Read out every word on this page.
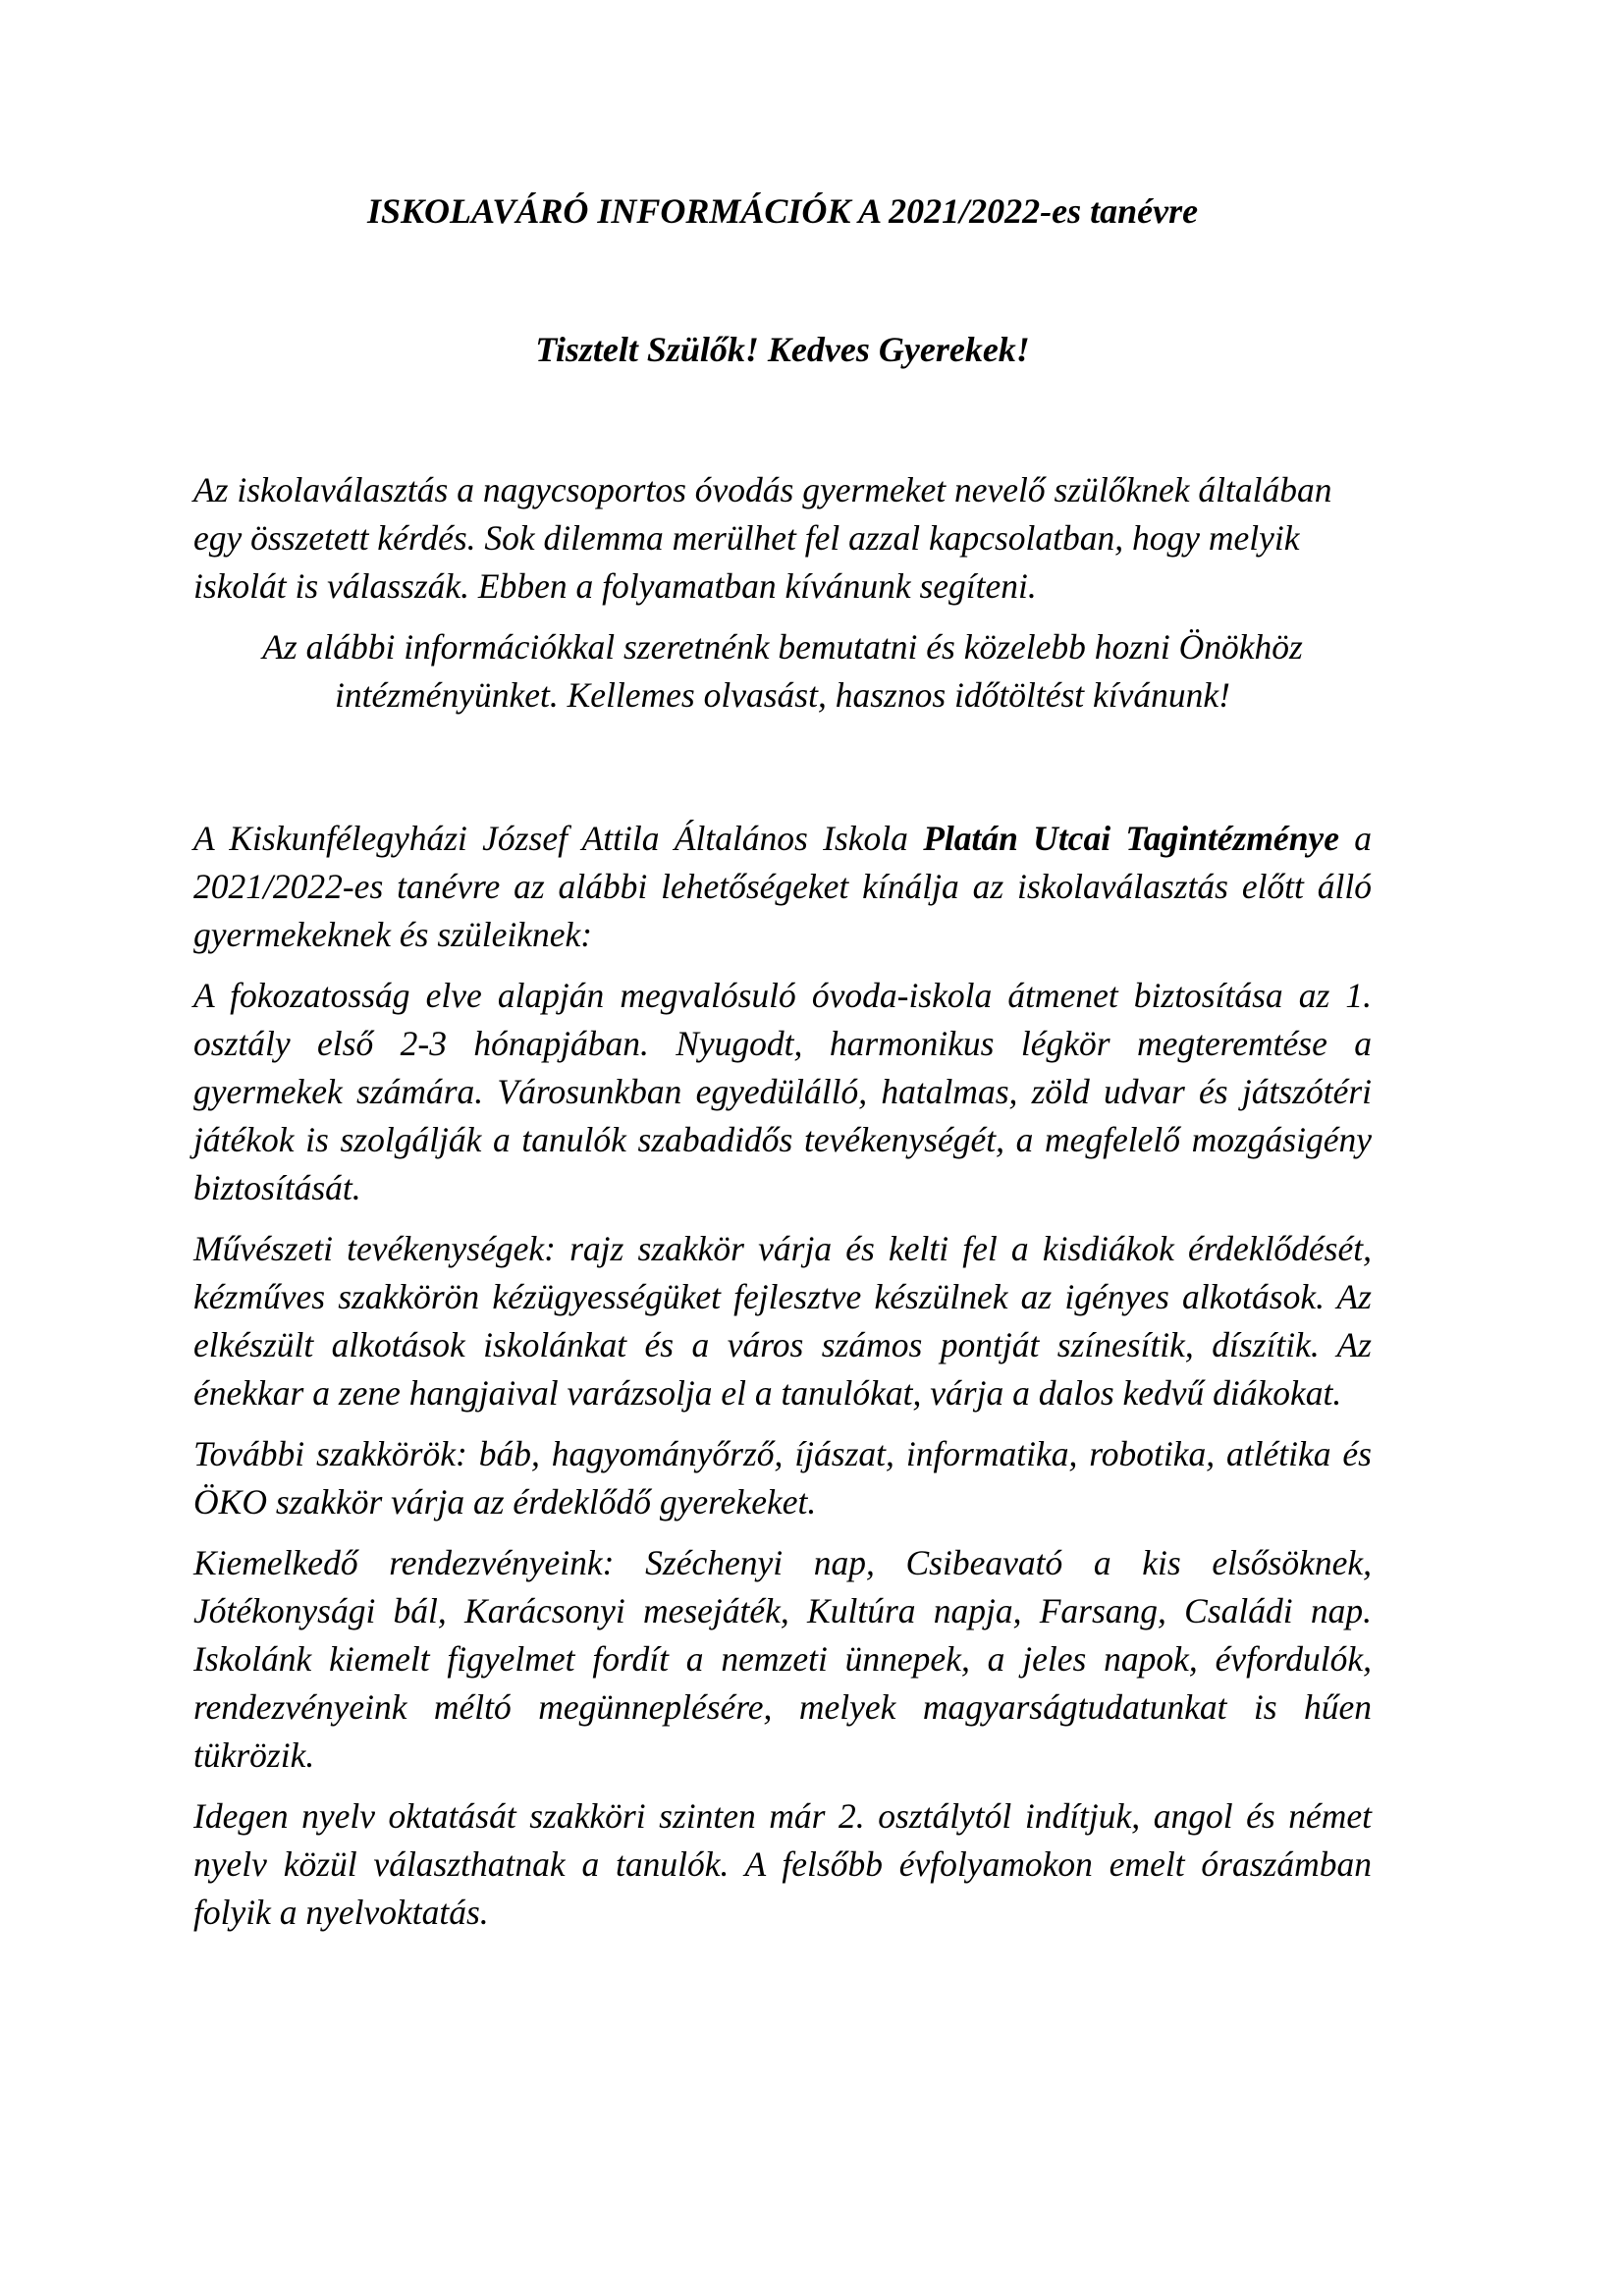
ISKOLAVÁRÓ INFORMÁCIÓK A 2021/2022-es tanévre
Tisztelt Szülők! Kedves Gyerekek!

Az iskolaválasztás a nagycsoportos óvodás gyermeket nevelő szülőknek általában egy összetett kérdés. Sok dilemma merülhet fel azzal kapcsolatban, hogy melyik iskolát is válasszák. Ebben a folyamatban kívánunk segíteni.

Az alábbi információkkal szeretnénk bemutatni és közelebb hozni Önökhöz intézményünket. Kellemes olvasást, hasznos időtöltést kívánunk!

A Kiskunfélegyházi József Attila Általános Iskola Platán Utcai Tagintézménye a 2021/2022-es tanévre az alábbi lehetőségeket kínálja az iskolaválasztás előtt álló gyermekeknek és szüleiknek:

A fokozatosság elve alapján megvalósuló óvoda-iskola átmenet biztosítása az 1. osztály első 2-3 hónapjában. Nyugodt, harmonikus légkör megteremtése a gyermekek számára. Városunkban egyedülálló, hatalmas, zöld udvar és játszótéri játékok is szolgálják a tanulók szabadidős tevékenységét, a megfelelő mozgásigény biztosítását.

Művészeti tevékenységek: rajz szakkör várja és kelti fel a kisdiákok érdeklődését, kézműves szakkörön kézügyességüket fejlesztve készülnek az igényes alkotások. Az elkészült alkotások iskolánkat és a város számos pontját színesítik, díszítik. Az énekkar a zene hangjaival varázsolja el a tanulókat, várja a dalos kedvű diákokat.

További szakkörök: báb, hagyományőrző, íjászat, informatika, robotika, atlétika és ÖKO szakkör várja az érdeklődő gyerekeket.

Kiemelkedő rendezvényeink: Széchenyi nap, Csibeavató a kis elsősöknek, Jótékonysági bál, Karácsonyi mesejáték, Kultúra napja, Farsang, Családi nap. Iskolánk kiemelt figyelmet fordít a nemzeti ünnepek, a jeles napok, évfordulók, rendezvényeink méltó megünneplésére, melyek magyarságtudatunkat is hűen tükrözik.

Idegen nyelv oktatását szakköri szinten már 2. osztálytól indítjuk, angol és német nyelv közül választhatnak a tanulók. A felsőbb évfolyamokon emelt óraszámban folyik a nyelvoktatás.
